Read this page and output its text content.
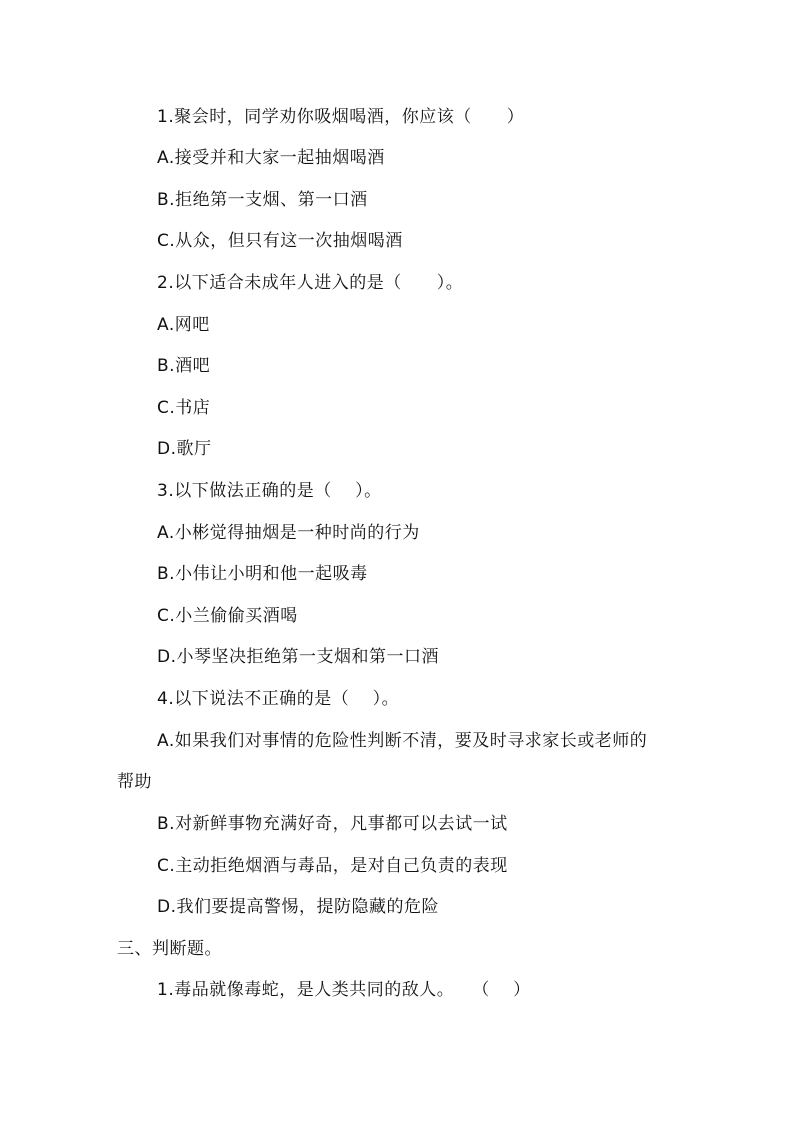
1.聚会时，同学劝你吸烟喝酒，你应该（　　）
A.接受并和大家一起抽烟喝酒
B.拒绝第一支烟、第一口酒
C.从众，但只有这一次抽烟喝酒
2.以下适合未成年人进入的是（　　）。
A.网吧
B.酒吧
C.书店
D.歌厅
3.以下做法正确的是（　 ）。
A.小彬觉得抽烟是一种时尚的行为
B.小伟让小明和他一起吸毒
C.小兰偷偷买酒喝
D.小琴坚决拒绝第一支烟和第一口酒
4.以下说法不正确的是（　 ）。
A.如果我们对事情的危险性判断不清，要及时寻求家长或老师的
帮助
B.对新鲜事物充满好奇，凡事都可以去试一试
C.主动拒绝烟酒与毒品，是对自己负责的表现
D.我们要提高警惕，提防隐藏的危险
三、判断题。
1.毒品就像毒蛇，是人类共同的敌人。　　（　 ）
